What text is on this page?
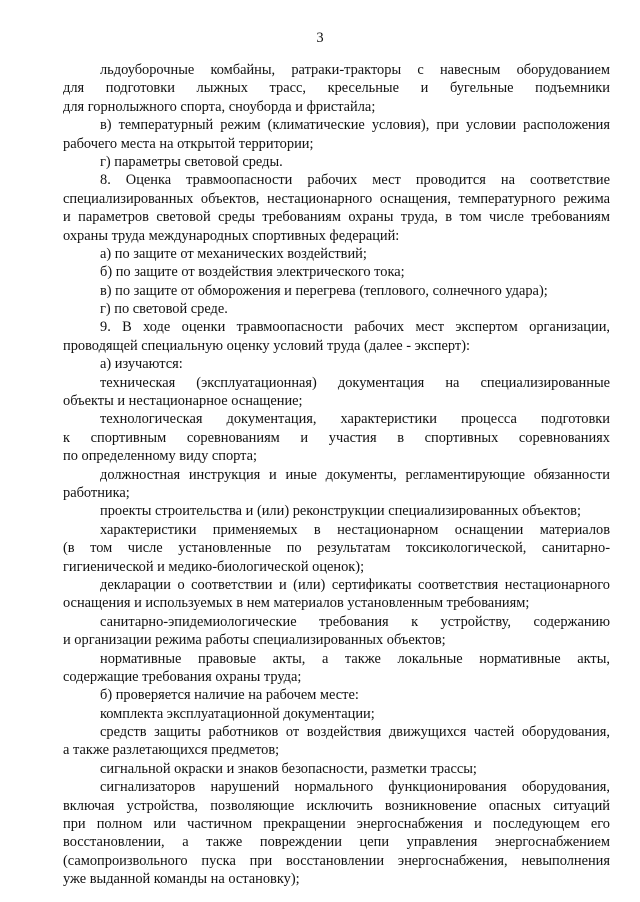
3
льдоуборочные комбайны, ратраки-тракторы с навесным оборудованием
для подготовки лыжных трасс, кресельные и бугельные подъемники
для горнолыжного спорта, сноуборда и фристайла;
в) температурный режим (климатические условия), при условии расположения
рабочего места на открытой территории;
г) параметры световой среды.
8. Оценка травмоопасности рабочих мест проводится на соответствие
специализированных объектов, нестационарного оснащения, температурного режима
и параметров световой среды требованиям охраны труда, в том числе требованиям
охраны труда международных спортивных федераций:
а) по защите от механических воздействий;
б) по защите от воздействия электрического тока;
в) по защите от обморожения и перегрева (теплового, солнечного удара);
г) по световой среде.
9. В ходе оценки травмоопасности рабочих мест экспертом организации,
проводящей специальную оценку условий труда (далее - эксперт):
а) изучаются:
техническая (эксплуатационная) документация на специализированные
объекты и нестационарное оснащение;
технологическая документация, характеристики процесса подготовки
к спортивным соревнованиям и участия в спортивных соревнованиях
по определенному виду спорта;
должностная инструкция и иные документы, регламентирующие обязанности
работника;
проекты строительства и (или) реконструкции специализированных объектов;
характеристики применяемых в нестационарном оснащении материалов
(в том числе установленные по результатам токсикологической, санитарно-
гигиенической и медико-биологической оценок);
декларации о соответствии и (или) сертификаты соответствия нестационарного
оснащения и используемых в нем материалов установленным требованиям;
санитарно-эпидемиологические требования к устройству, содержанию
и организации режима работы специализированных объектов;
нормативные правовые акты, а также локальные нормативные акты,
содержащие требования охраны труда;
б) проверяется наличие на рабочем месте:
комплекта эксплуатационной документации;
средств защиты работников от воздействия движущихся частей оборудования,
а также разлетающихся предметов;
сигнальной окраски и знаков безопасности, разметки трассы;
сигнализаторов нарушений нормального функционирования оборудования,
включая устройства, позволяющие исключить возникновение опасных ситуаций
при полном или частичном прекращении энергоснабжения и последующем его
восстановлении, а также повреждении цепи управления энергоснабжением
(самопроизвольного пуска при восстановлении энергоснабжения, невыполнения
уже выданной команды на остановку);
